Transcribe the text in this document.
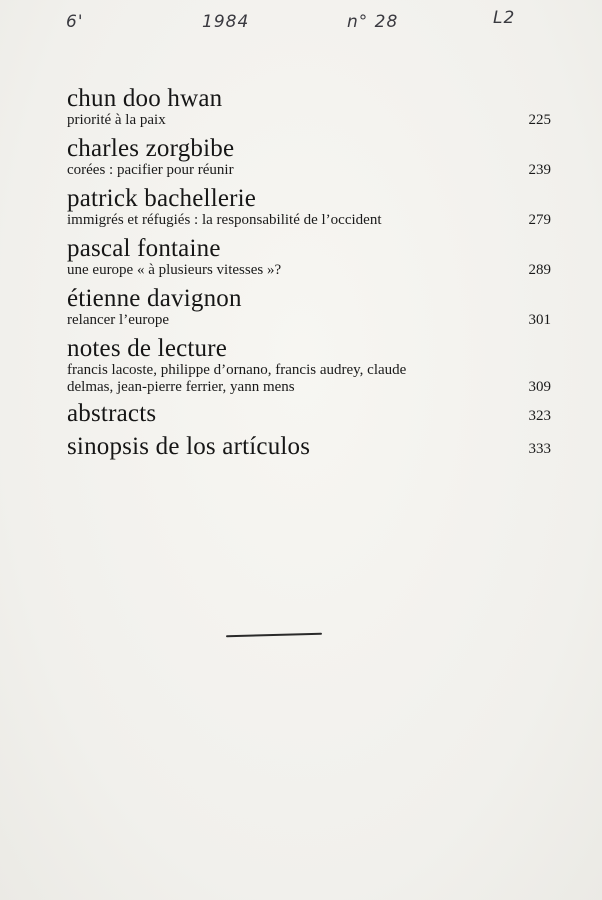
6'	1984	n° 28	L2
chun doo hwan
priorité à la paix	225
charles zorgbibe
corées : pacifier pour réunir	239
patrick bachellerie
immigrés et réfugiés : la responsabilité de l’occident	279
pascal fontaine
une europe « à plusieurs vitesses »?	289
étienne davignon
relancer l’europe	301
notes de lecture
francis lacoste, philippe d’ornano, francis audrey, claude
delmas, jean-pierre ferrier, yann mens	309
abstracts	323
sinopsis de los artículos	333
